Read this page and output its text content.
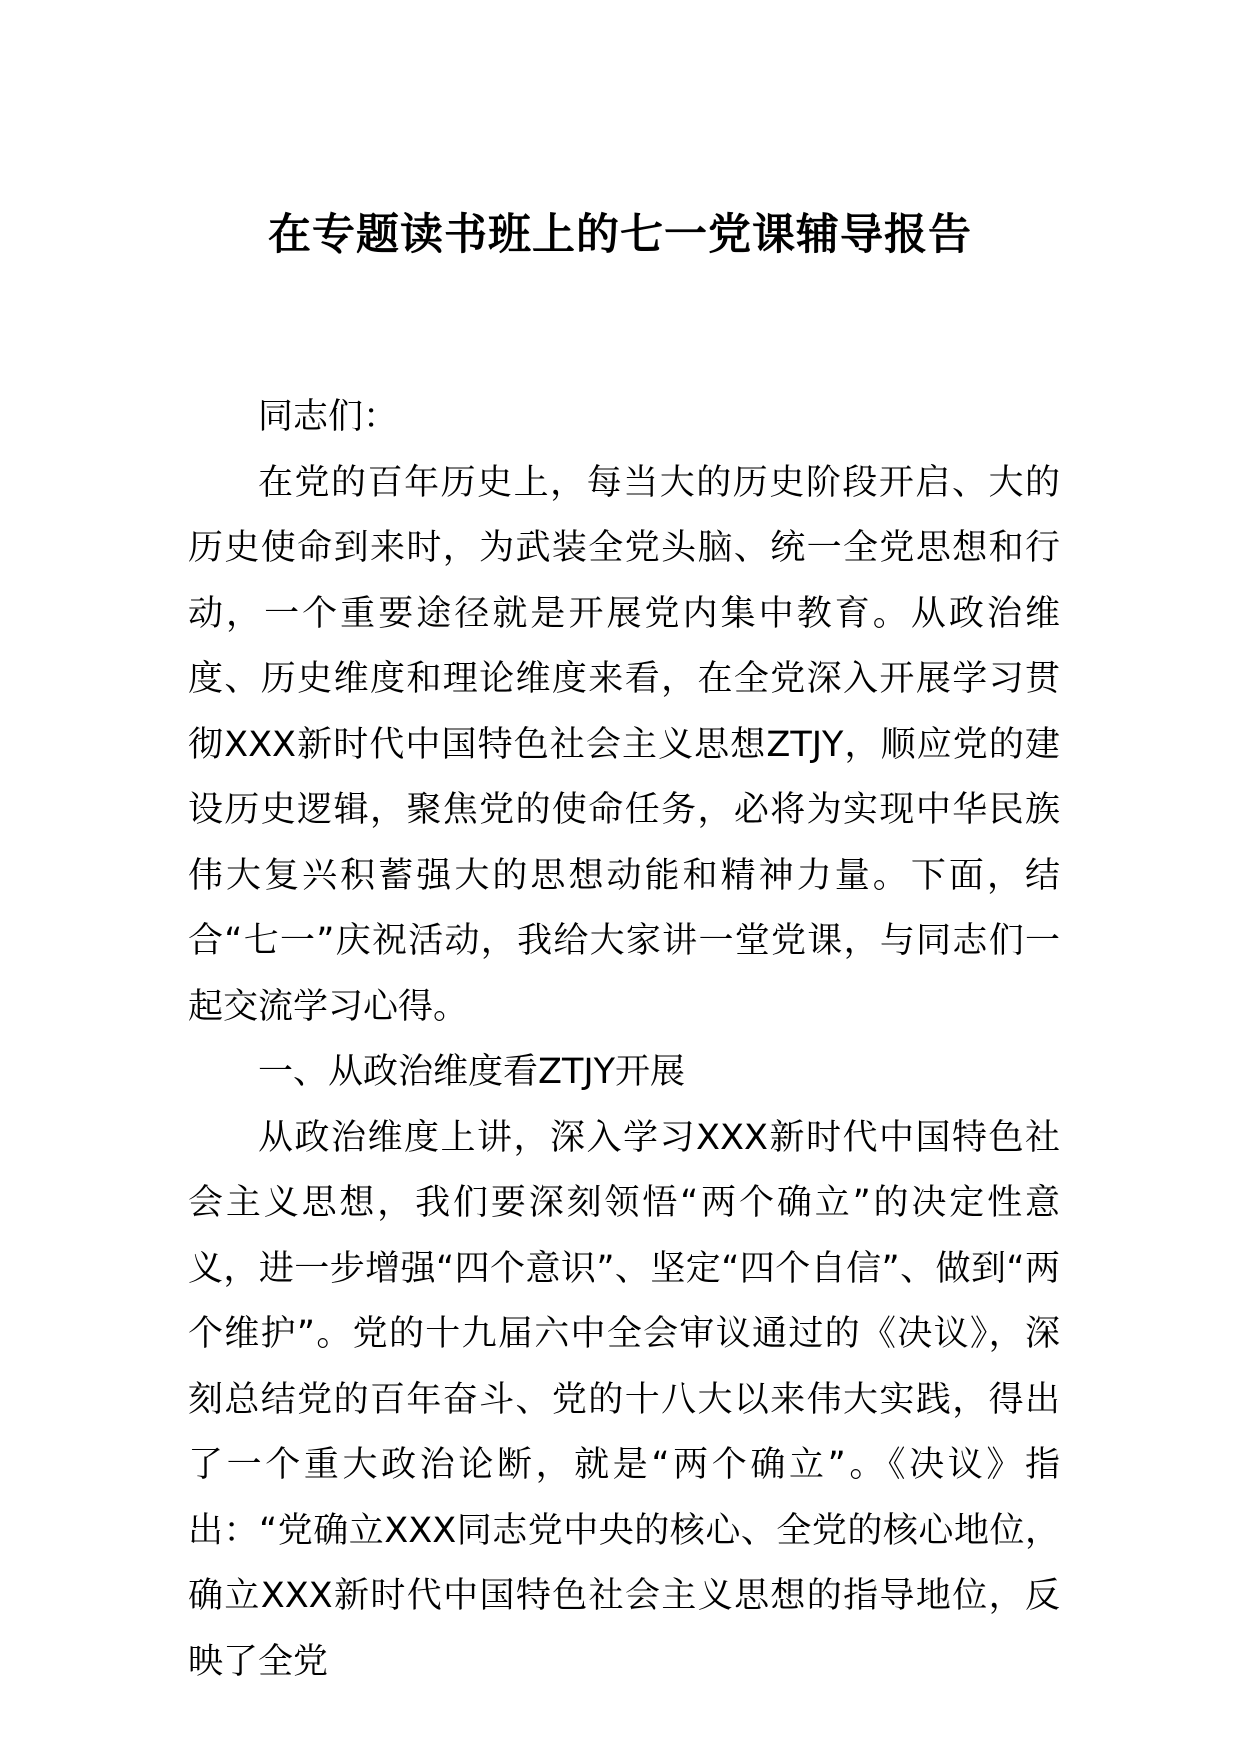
在专题读书班上的七一党课辅导报告

同志们：

在党的百年历史上，每当大的历史阶段开启、大的历史使命到来时，为武装全党头脑、统一全党思想和行动，一个重要途径就是开展党内集中教育。从政治维度、历史维度和理论维度来看，在全党深入开展学习贯彻XXX新时代中国特色社会主义思想ZTJY，顺应党的建设历史逻辑，聚焦党的使命任务，必将为实现中华民族伟大复兴积蓄强大的思想动能和精神力量。下面，结合“七一”庆祝活动，我给大家讲一堂党课，与同志们一起交流学习心得。

一、从政治维度看ZTJY开展

从政治维度上讲，深入学习XXX新时代中国特色社会主义思想，我们要深刻领悟“两个确立”的决定性意义，进一步增强“四个意识”、坚定“四个自信”、做到“两个维护”。党的十九届六中全会审议通过的《决议》，深刻总结党的百年奋斗、党的十八大以来伟大实践，得出了一个重大政治论断，就是“两个确立”。《决议》指出：“党确立XXX同志党中央的核心、全党的核心地位，确立XXX新时代中国特色社会主义思想的指导地位，反映了全党
